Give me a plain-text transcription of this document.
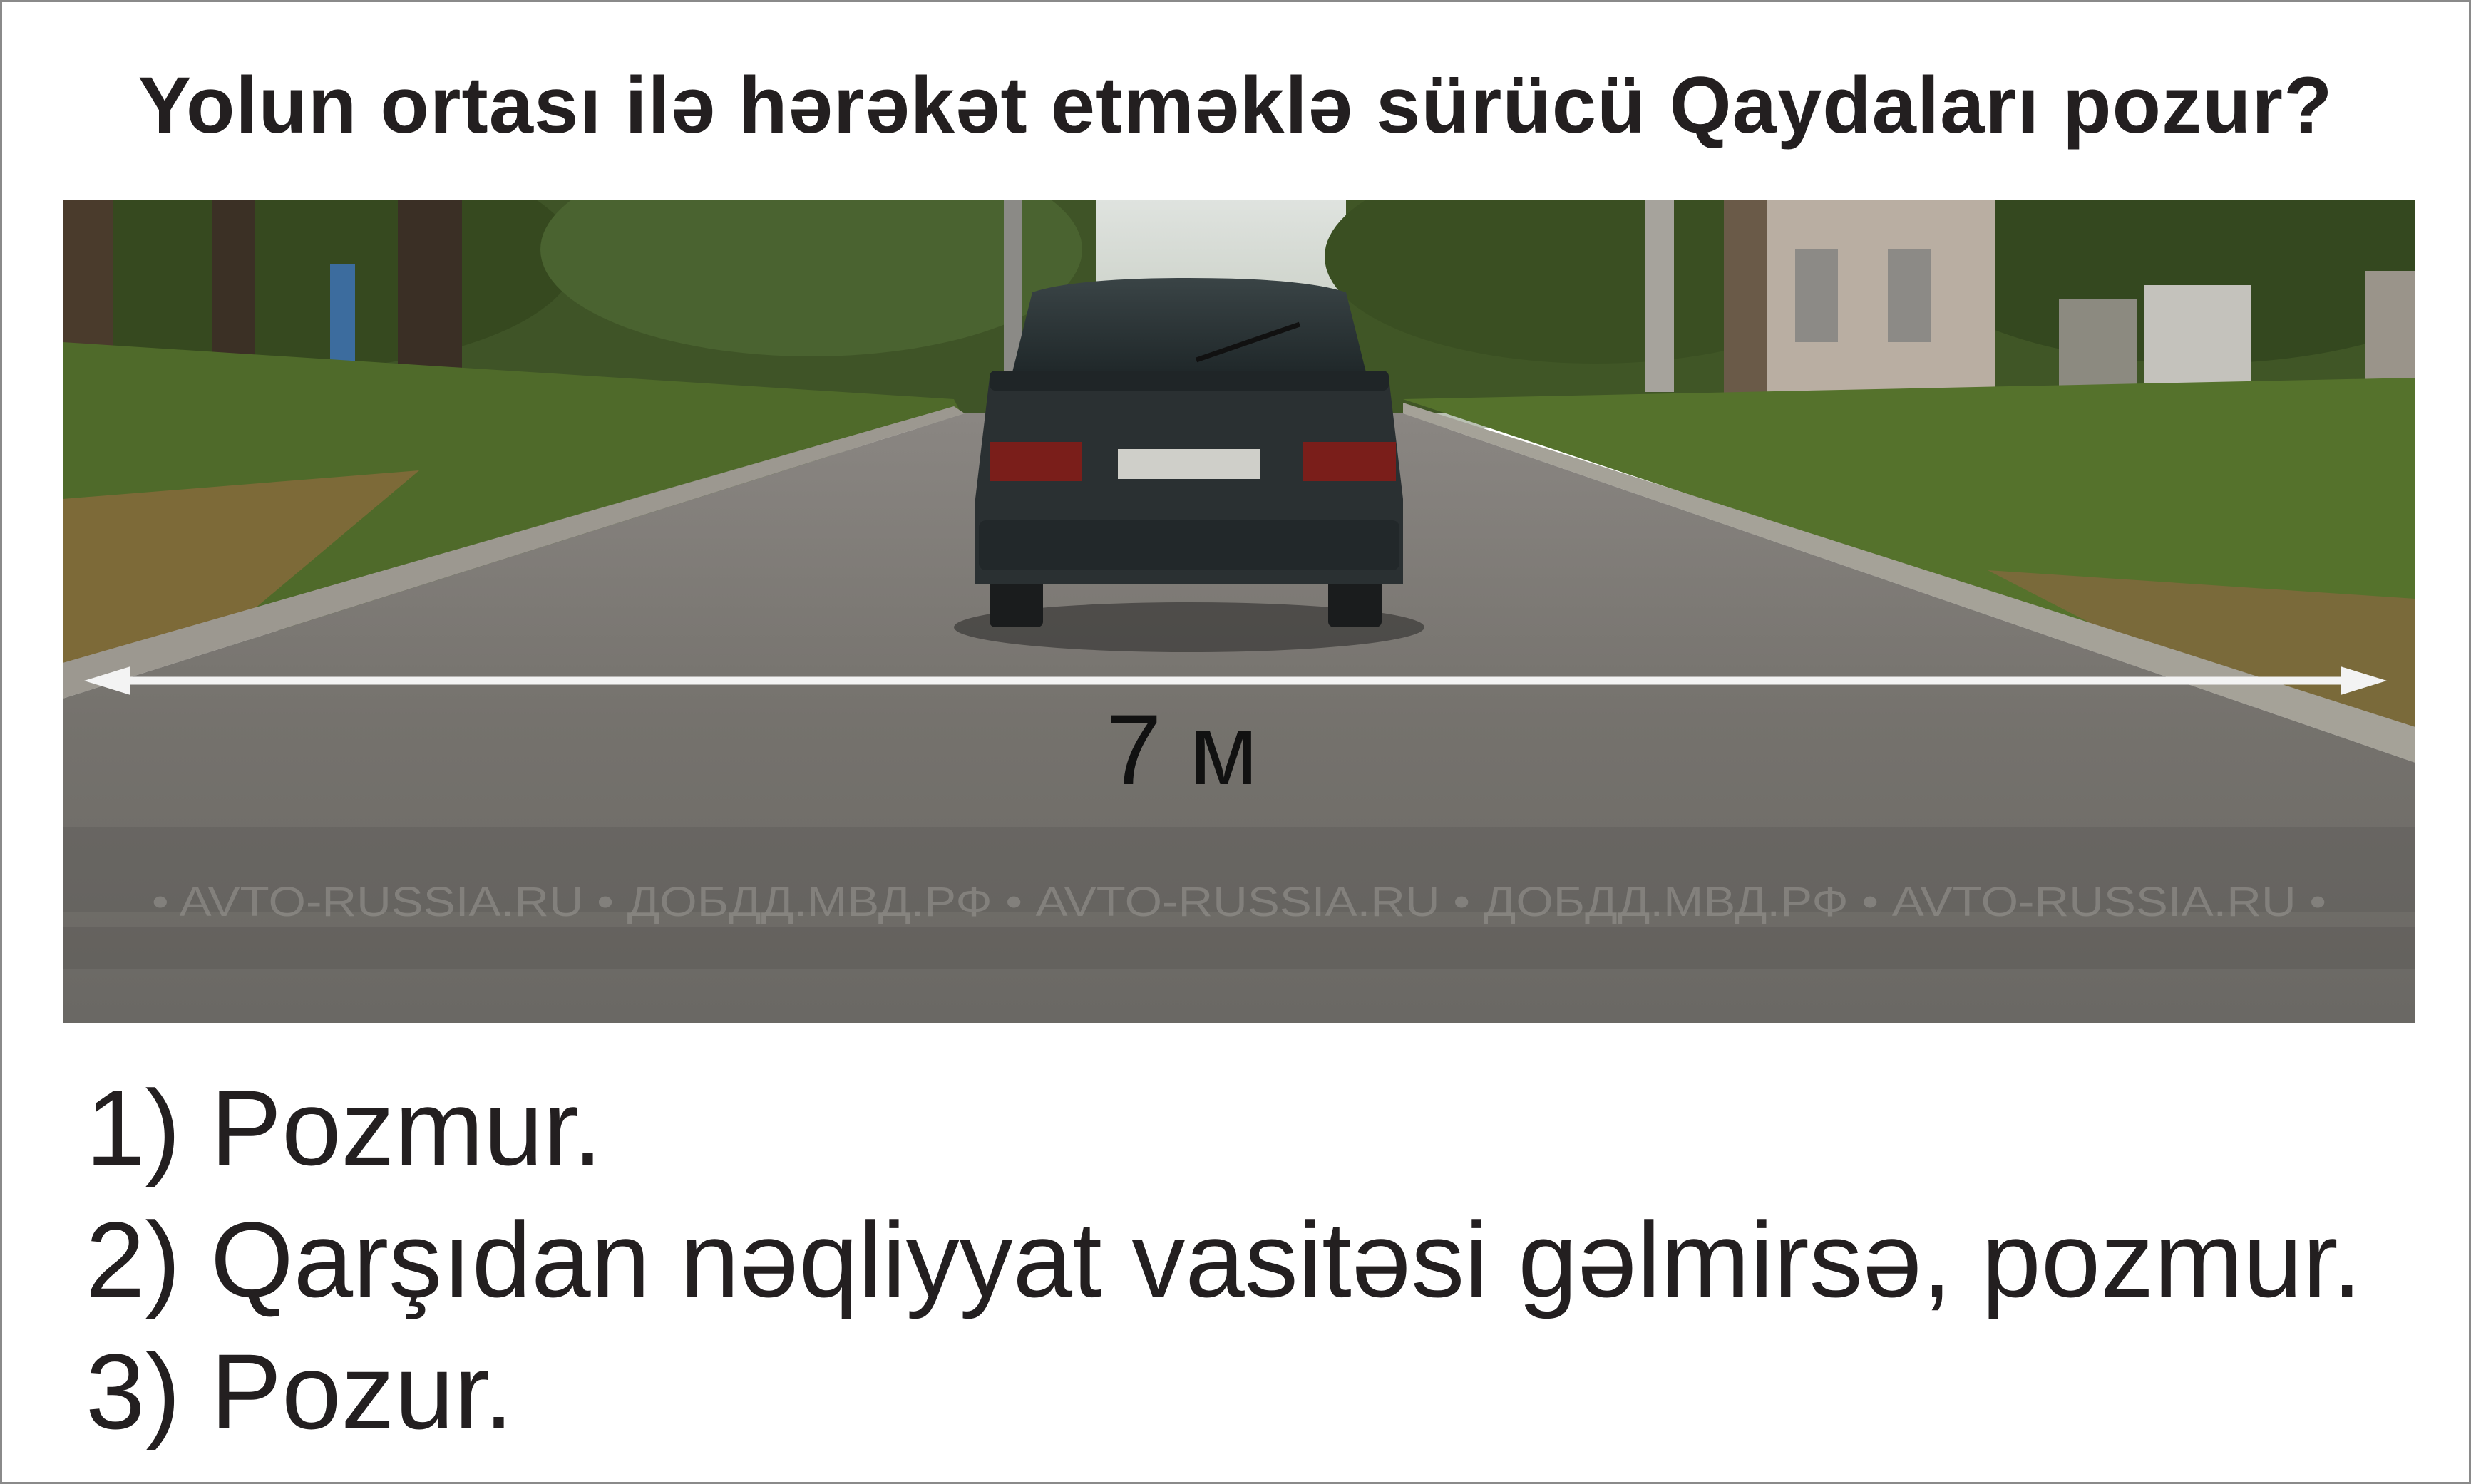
Yolun ortası ilə hərəkət etməklə sürücü Qaydaları pozur?
7 м
• AVTO-RUSSIA.RU • ДОБДД.МВД.РФ • AVTO-RUSSIA.RU • ДОБДД.МВД.РФ • AVTO-RUSSIA.RU •
1) Pozmur.
2) Qarşıdan nəqliyyat vasitəsi gəlmirsə, pozmur.
3) Pozur.
